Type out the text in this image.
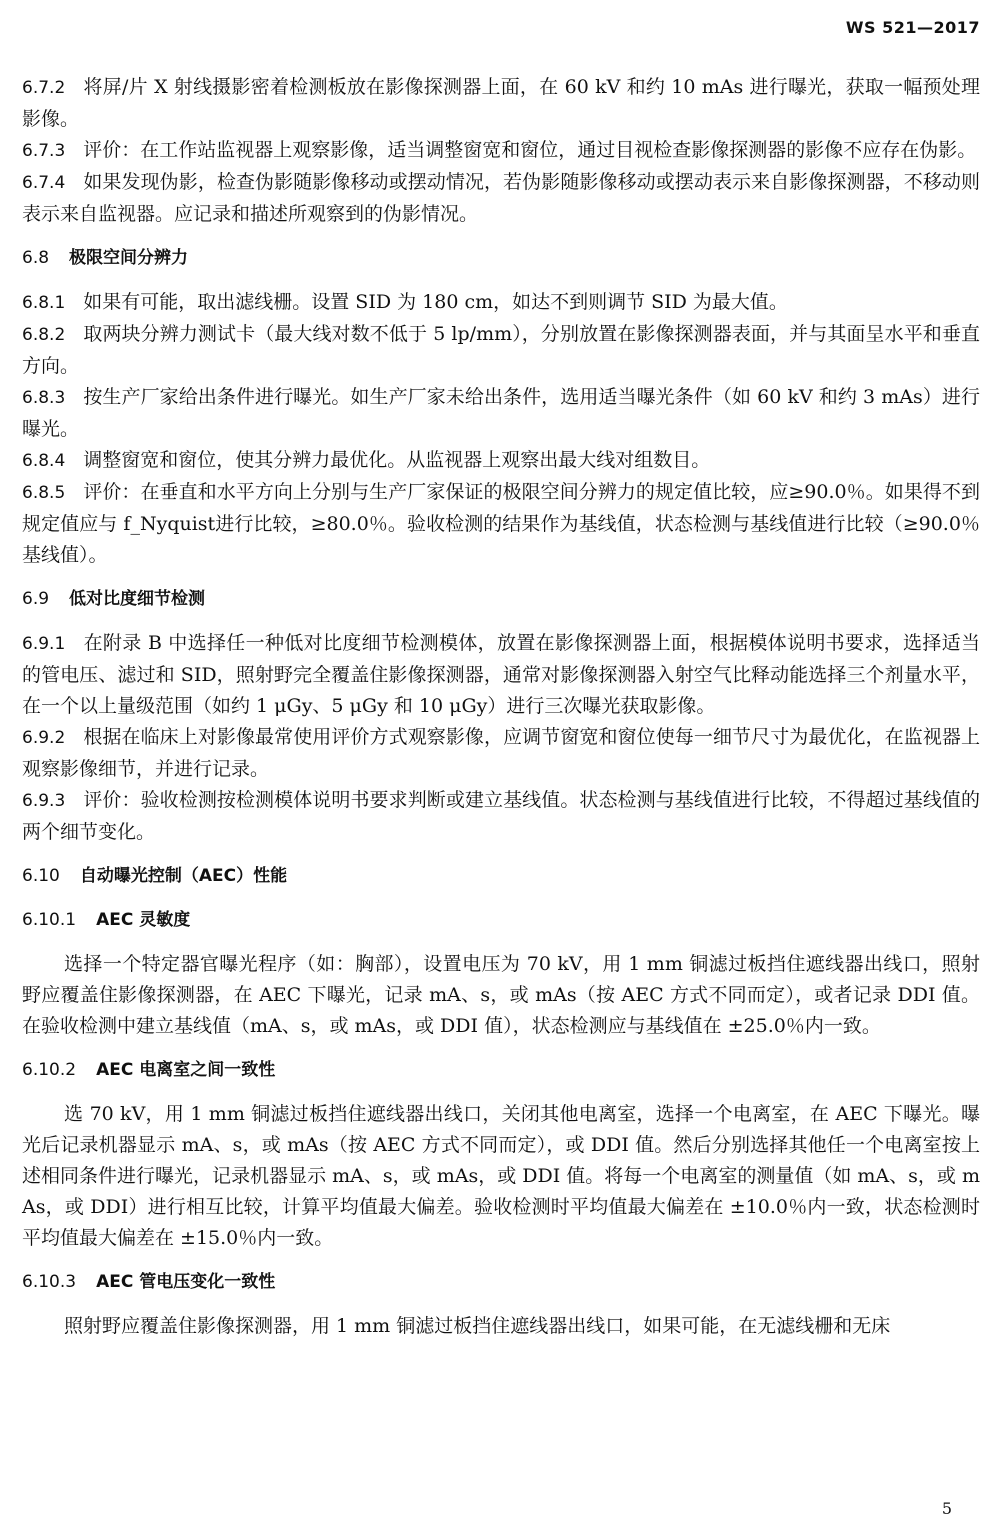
WS 521—2017

6.7.2 将屏/片 X 射线摄影密着检测板放在影像探测器上面，在 60 kV 和约 10 mAs 进行曝光，获取一幅预处理影像。

6.7.3 评价：在工作站监视器上观察影像，适当调整窗宽和窗位，通过目视检查影像探测器的影像不应存在伪影。

6.7.4 如果发现伪影，检查伪影随影像移动或摆动情况，若伪影随影像移动或摆动表示来自影像探测器，不移动则表示来自监视器。应记录和描述所观察到的伪影情况。

6.8 极限空间分辨力

6.8.1 如果有可能，取出滤线栅。设置 SID 为 180 cm，如达不到则调节 SID 为最大值。

6.8.2 取两块分辨力测试卡（最大线对数不低于 5 lp/mm），分别放置在影像探测器表面，并与其面呈水平和垂直方向。

6.8.3 按生产厂家给出条件进行曝光。如生产厂家未给出条件，选用适当曝光条件（如 60 kV 和约 3 mAs）进行曝光。

6.8.4 调整窗宽和窗位，使其分辨力最优化。从监视器上观察出最大线对组数目。

6.8.5 评价：在垂直和水平方向上分别与生产厂家保证的极限空间分辨力的规定值比较，应≥90.0％。如果得不到规定值应与 f_Nyquist进行比较，≥80.0％。验收检测的结果作为基线值，状态检测与基线值进行比较（≥90.0％ 基线值）。

6.9 低对比度细节检测

6.9.1 在附录 B 中选择任一种低对比度细节检测模体，放置在影像探测器上面，根据模体说明书要求，选择适当的管电压、滤过和 SID，照射野完全覆盖住影像探测器，通常对影像探测器入射空气比释动能选择三个剂量水平，在一个以上量级范围（如约 1 μGy、5 μGy 和 10 μGy）进行三次曝光获取影像。

6.9.2 根据在临床上对影像最常使用评价方式观察影像，应调节窗宽和窗位使每一细节尺寸为最优化，在监视器上观察影像细节，并进行记录。

6.9.3 评价：验收检测按检测模体说明书要求判断或建立基线值。状态检测与基线值进行比较，不得超过基线值的两个细节变化。

6.10 自动曝光控制（AEC）性能
6.10.1 AEC 灵敏度

选择一个特定器官曝光程序（如：胸部），设置电压为 70 kV，用 1 mm 铜滤过板挡住遮线器出线口，照射野应覆盖住影像探测器，在 AEC 下曝光，记录 mA、s，或 mAs（按 AEC 方式不同而定），或者记录 DDI 值。在验收检测中建立基线值（mA、s，或 mAs，或 DDI 值），状态检测应与基线值在 ±25.0％内一致。

6.10.2 AEC 电离室之间一致性

选 70 kV，用 1 mm 铜滤过板挡住遮线器出线口，关闭其他电离室，选择一个电离室，在 AEC 下曝光。曝光后记录机器显示 mA、s，或 mAs（按 AEC 方式不同而定），或 DDI 值。然后分别选择其他任一个电离室按上述相同条件进行曝光，记录机器显示 mA、s，或 mAs，或 DDI 值。将每一个电离室的测量值（如 mA、s，或 mAs，或 DDI）进行相互比较，计算平均值最大偏差。验收检测时平均值最大偏差在 ±10.0％内一致，状态检测时平均值最大偏差在 ±15.0％内一致。

6.10.3 AEC 管电压变化一致性

照射野应覆盖住影像探测器，用 1 mm 铜滤过板挡住遮线器出线口，如果可能，在无滤线栅和无床

5
